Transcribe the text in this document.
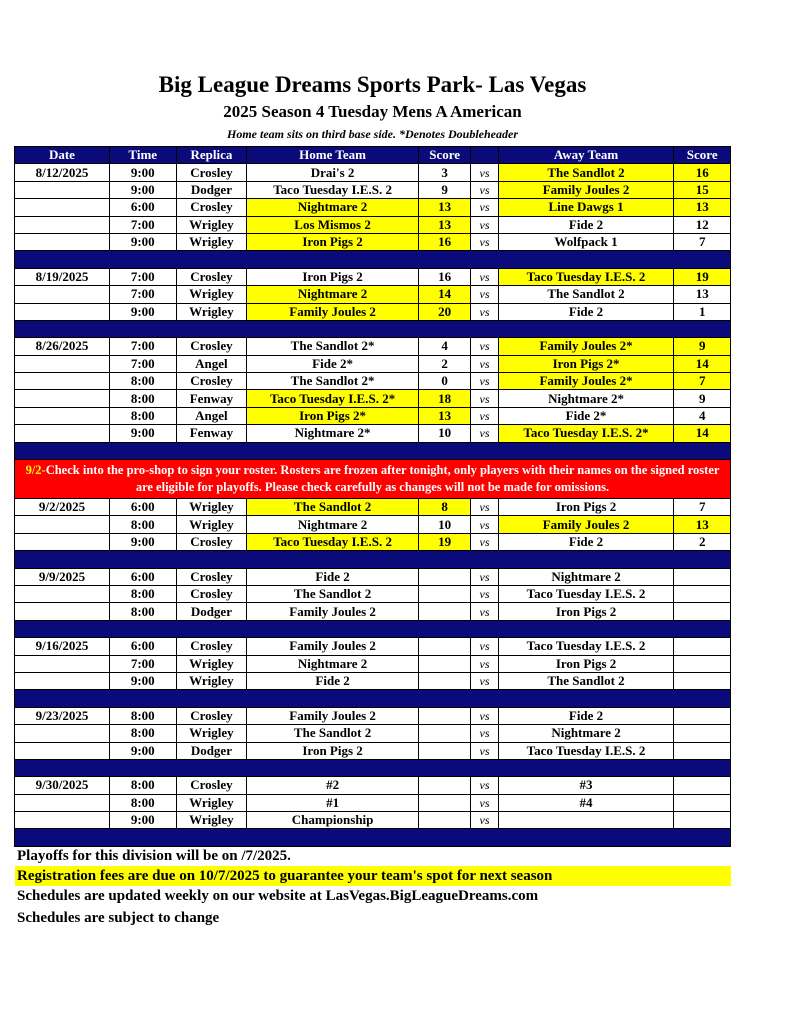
Big League Dreams Sports Park- Las Vegas
2025 Season 4 Tuesday Mens A American
Home team sits on third base side. *Denotes Doubleheader
Date	Time	Replica	Home Team	Score		Away Team	Score
8/12/2025	9:00	Crosley	Drai's 2	3	vs	The Sandlot 2	16
	9:00	Dodger	Taco Tuesday I.E.S. 2	9	vs	Family Joules 2	15
	6:00	Crosley	Nightmare 2	13	vs	Line Dawgs 1	13
	7:00	Wrigley	Los Mismos 2	13	vs	Fide 2	12
	9:00	Wrigley	Iron Pigs 2	16	vs	Wolfpack 1	7

8/19/2025	7:00	Crosley	Iron Pigs 2	16	vs	Taco Tuesday I.E.S. 2	19
	7:00	Wrigley	Nightmare 2	14	vs	The Sandlot 2	13
	9:00	Wrigley	Family Joules 2	20	vs	Fide 2	1

8/26/2025	7:00	Crosley	The Sandlot 2*	4	vs	Family Joules 2*	9
	7:00	Angel	Fide 2*	2	vs	Iron Pigs 2*	14
	8:00	Crosley	The Sandlot 2*	0	vs	Family Joules 2*	7
	8:00	Fenway	Taco Tuesday I.E.S. 2*	18	vs	Nightmare 2*	9
	8:00	Angel	Iron Pigs 2*	13	vs	Fide 2*	4
	9:00	Fenway	Nightmare 2*	10	vs	Taco Tuesday I.E.S. 2*	14

9/2-Check into the pro-shop to sign your roster. Rosters are frozen after tonight, only players with their names on the signed roster are eligible for playoffs. Please check carefully as changes will not be made for omissions.							
9/2/2025	6:00	Wrigley	The Sandlot 2	8	vs	Iron Pigs 2	7
	8:00	Wrigley	Nightmare 2	10	vs	Family Joules 2	13
	9:00	Crosley	Taco Tuesday I.E.S. 2	19	vs	Fide 2	2

9/9/2025	6:00	Crosley	Fide 2		vs	Nightmare 2	
	8:00	Crosley	The Sandlot 2		vs	Taco Tuesday I.E.S. 2	
	8:00	Dodger	Family Joules 2		vs	Iron Pigs 2	

9/16/2025	6:00	Crosley	Family Joules 2		vs	Taco Tuesday I.E.S. 2	
	7:00	Wrigley	Nightmare 2		vs	Iron Pigs 2	
	9:00	Wrigley	Fide 2		vs	The Sandlot 2	

9/23/2025	8:00	Crosley	Family Joules 2		vs	Fide 2	
	8:00	Wrigley	The Sandlot 2		vs	Nightmare 2	
	9:00	Dodger	Iron Pigs 2		vs	Taco Tuesday I.E.S. 2	

9/30/2025	8:00	Crosley	#2		vs	#3	
	8:00	Wrigley	#1		vs	#4	
	9:00	Wrigley	Championship		vs		

Playoffs for this division will be on /7/2025.
Registration fees are due on 10/7/2025 to guarantee your team's spot for next season
Schedules are updated weekly on our website at LasVegas.BigLeagueDreams.com
Schedules are subject to change
